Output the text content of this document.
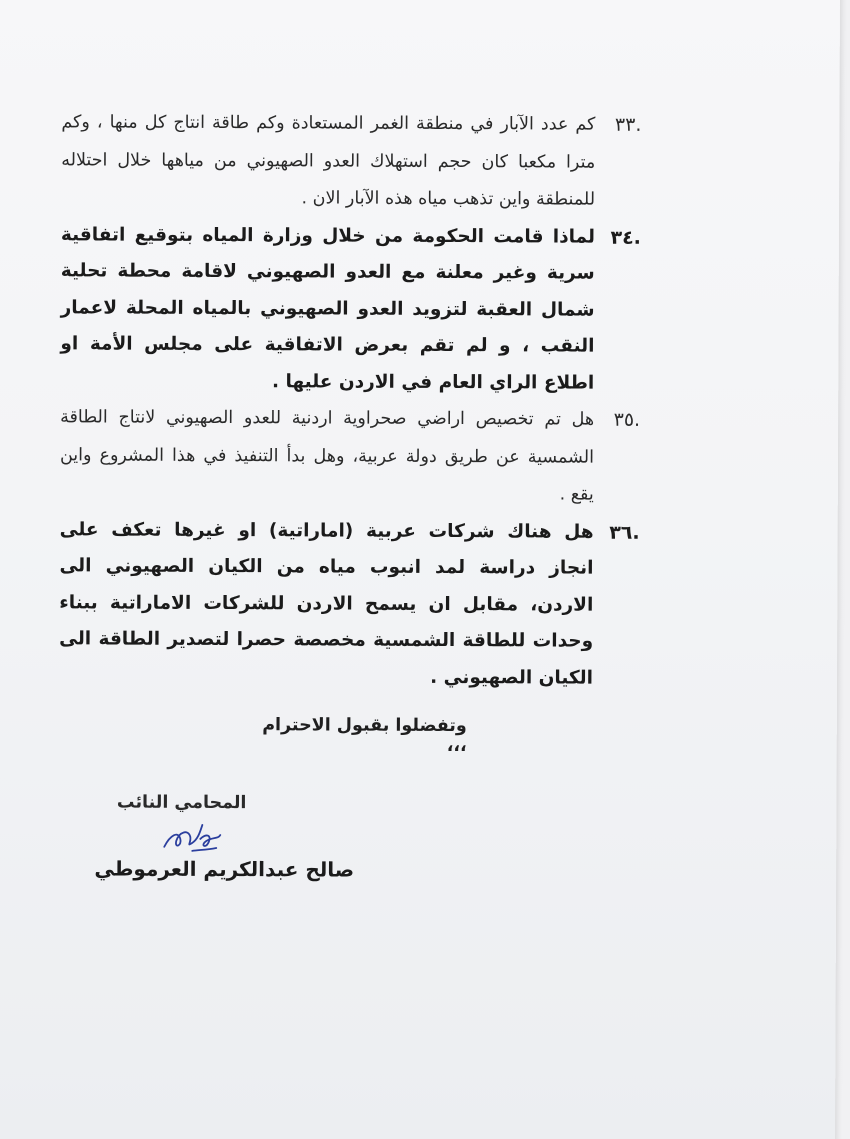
.٣٣

كم عدد الآبار في منطقة الغمر المستعادة وكم طاقة انتاج كل منها ، وكم مترا مكعبا كان حجم استهلاك العدو الصهيوني من مياهها خلال احتلاله للمنطقة واين تذهب مياه هذه الآبار الان .

.٣٤

لماذا قامت الحكومة من خلال وزارة المياه بتوقيع اتفاقية سرية وغير معلنة مع العدو الصهيوني لاقامة محطة تحلية شمال العقبة لتزويد العدو الصهيوني بالمياه المحلة لاعمار النقب ، و لم تقم بعرض الاتفاقية على مجلس الأمة او اطلاع الراي العام في الاردن عليها .

.٣٥

هل تم تخصيص اراضي صحراوية اردنية للعدو الصهيوني لانتاج الطاقة الشمسية عن طريق دولة عربية، وهل بدأ التنفيذ في هذا المشروع واين يقع .

.٣٦

هل هناك شركات عربية (اماراتية) او غيرها تعكف على انجاز دراسة لمد انبوب مياه من الكيان الصهيوني الى الاردن، مقابل ان يسمح الاردن للشركات الاماراتية ببناء وحدات للطاقة الشمسية مخصصة حصرا لتصدير الطاقة الى الكيان الصهيوني .

وتفضلوا بقبول الاحترام ،،،
المحامي النائب
صالح عبدالكريم العرموطي
